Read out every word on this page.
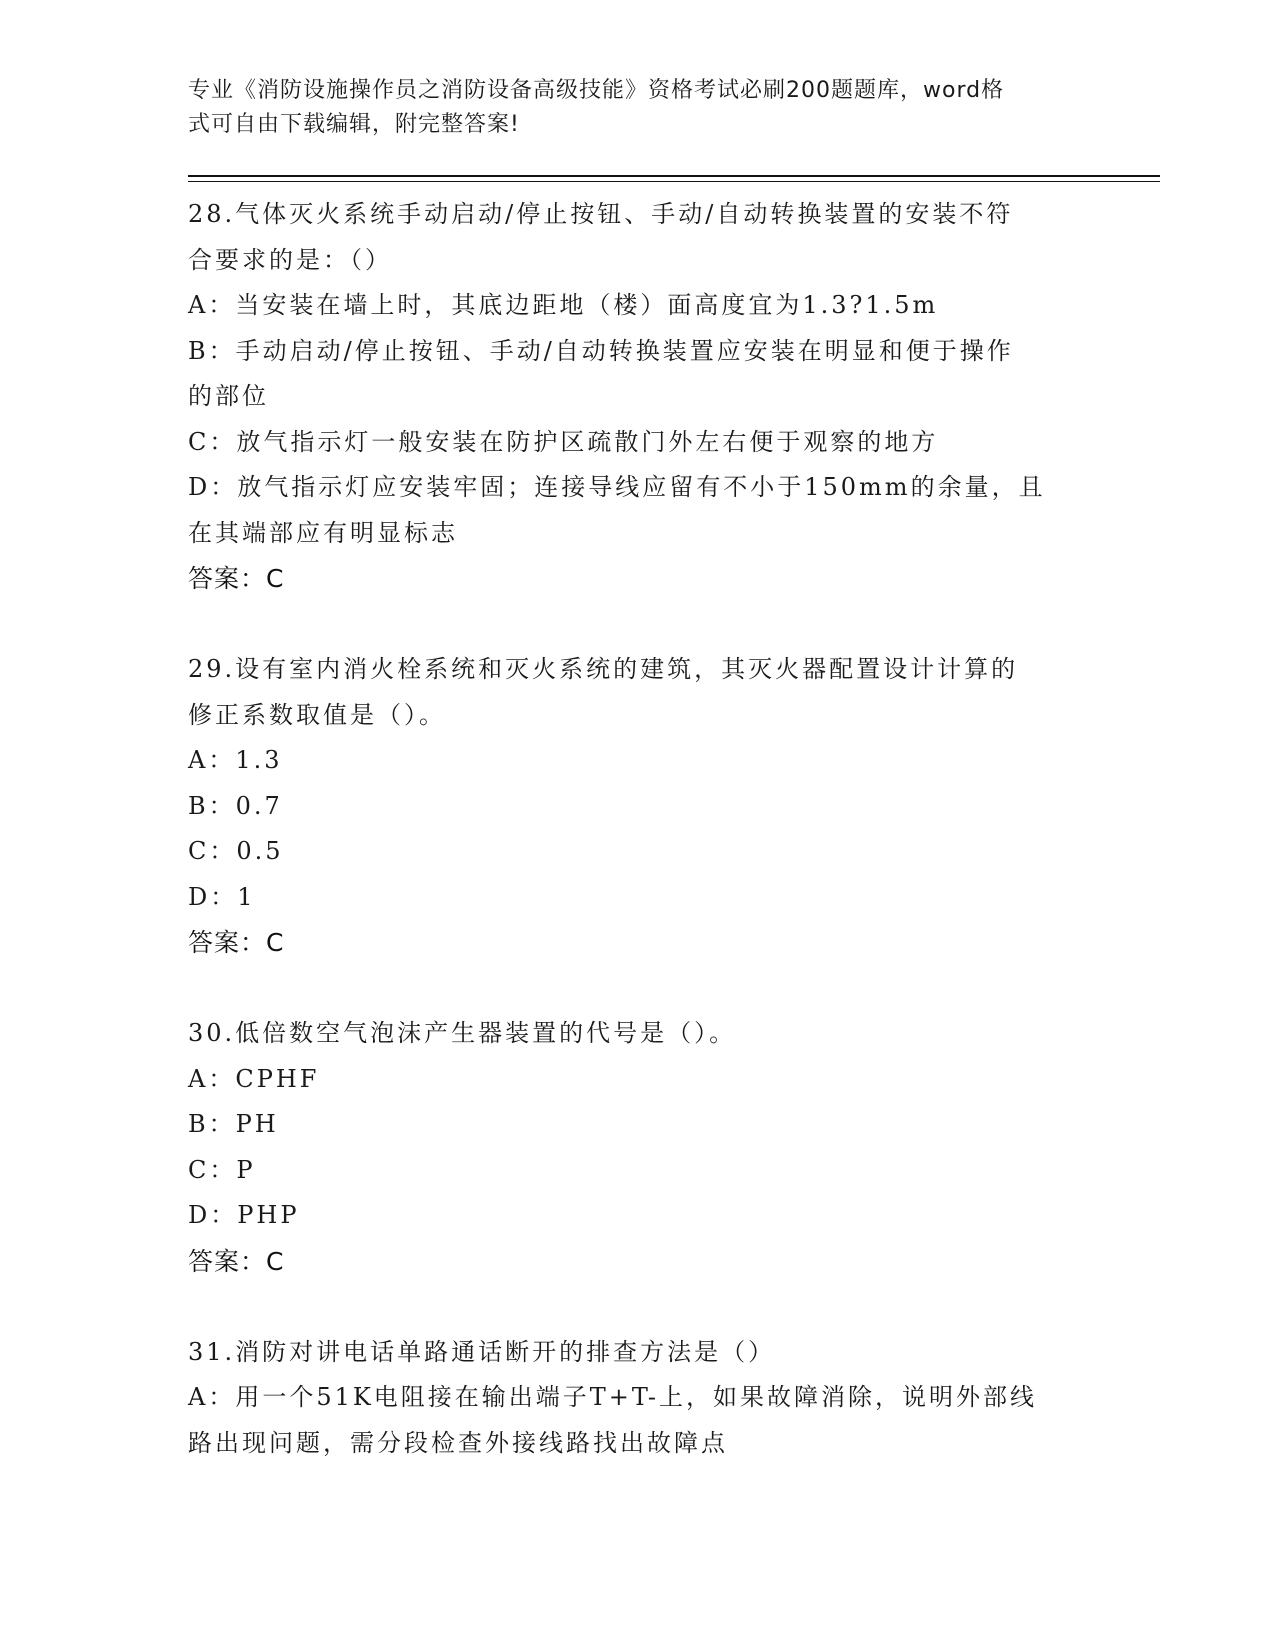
专业《消防设施操作员之消防设备高级技能》资格考试必刷200题题库，word格
式可自由下载编辑，附完整答案!
28.气体灭火系统手动启动/停止按钮、手动/自动转换装置的安装不符
合要求的是：（）
A：当安装在墙上时，其底边距地（楼）面高度宜为1.3?1.5m
B：手动启动/停止按钮、手动/自动转换装置应安装在明显和便于操作
的部位
C：放气指示灯一般安装在防护区疏散门外左右便于观察的地方
D：放气指示灯应安装牢固；连接导线应留有不小于150mm的余量，且
在其端部应有明显标志
答案：C
29.设有室内消火栓系统和灭火系统的建筑，其灭火器配置设计计算的
修正系数取值是（）。
A：1.3
B：0.7
C：0.5
D：1
答案：C
30.低倍数空气泡沫产生器装置的代号是（）。
A：CPHF
B：PH
C：P
D：PHP
答案：C
31.消防对讲电话单路通话断开的排查方法是（）
A：用一个51K电阻接在输出端子T+T-上，如果故障消除，说明外部线
路出现问题，需分段检查外接线路找出故障点
